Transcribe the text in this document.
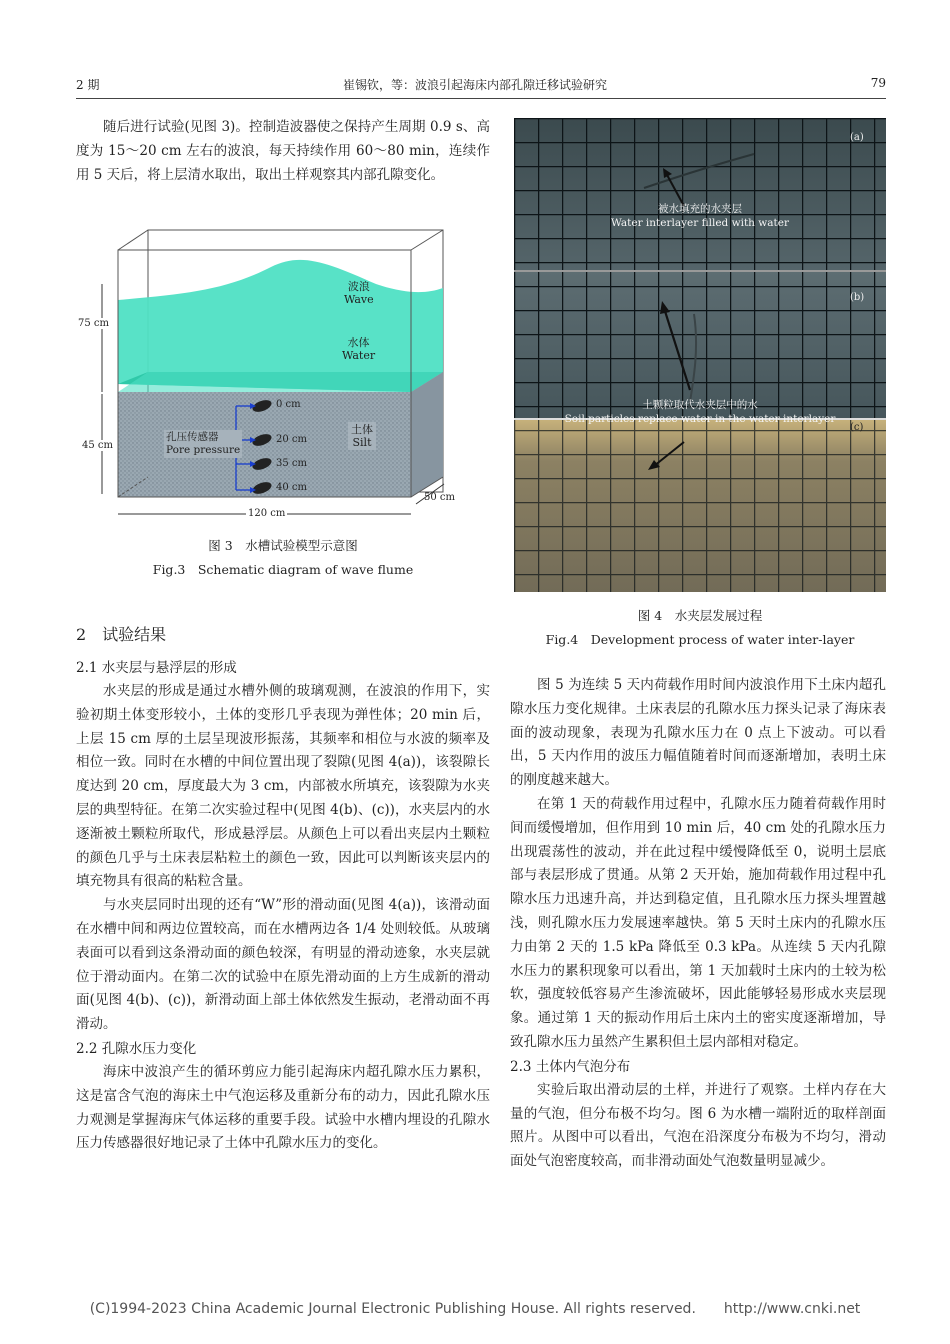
2 期	崔锡钦，等：波浪引起海床内部孔隙迁移试验研究	79

随后进行试验(见图 3)。控制造波器使之保持产生周期 0.9 s、高度为 15～20 cm 左右的波浪，每天持续作用 60～80 min，连续作用 5 天后，将上层清水取出，取出土样观察其内部孔隙变化。

波浪
Wave
水体
Water
土体
Silt
孔压传感器
Pore pressure
0 cm
20 cm
35 cm
40 cm
75 cm
45 cm
120 cm
50 cm
图 3　水槽试验模型示意图
Fig.3　Schematic diagram of wave flume
2　试验结果
2.1 水夹层与悬浮层的形成

水夹层的形成是通过水槽外侧的玻璃观测，在波浪的作用下，实验初期土体变形较小，土体的变形几乎表现为弹性体；20 min 后，上层 15 cm 厚的土层呈现波形振荡，其频率和相位与水波的频率及相位一致。同时在水槽的中间位置出现了裂隙(见图 4(a))，该裂隙长度达到 20 cm，厚度最大为 3 cm，内部被水所填充，该裂隙为水夹层的典型特征。在第二次实验过程中(见图 4(b)、(c))，水夹层内的水逐渐被土颗粒所取代，形成悬浮层。从颜色上可以看出夹层内土颗粒的颜色几乎与土床表层粘粒土的颜色一致，因此可以判断该夹层内的填充物具有很高的粘粒含量。

与水夹层同时出现的还有“W”形的滑动面(见图 4(a))，该滑动面在水槽中间和两边位置较高，而在水槽两边各 1/4 处则较低。从玻璃表面可以看到这条滑动面的颜色较深，有明显的滑动迹象，水夹层就位于滑动面内。在第二次的试验中在原先滑动面的上方生成新的滑动面(见图 4(b)、(c))，新滑动面上部土体依然发生振动，老滑动面不再滑动。

2.2 孔隙水压力变化

海床中波浪产生的循环剪应力能引起海床内超孔隙水压力累积，这是富含气泡的海床土中气泡运移及重新分布的动力，因此孔隙水压力观测是掌握海床气体运移的重要手段。试验中水槽内埋设的孔隙水压力传感器很好地记录了土体中孔隙水压力的变化。

(a)
(b)
(c)
被水填充的水夹层
Water interlayer filled with water
土颗粒取代水夹层中的水
Soil particles replace water in the water interlayer
图 4　水夹层发展过程
Fig.4　Development process of water inter-layer

图 5 为连续 5 天内荷载作用时间内波浪作用下土床内超孔隙水压力变化规律。土床表层的孔隙水压力探头记录了海床表面的波动现象，表现为孔隙水压力在 0 点上下波动。可以看出，5 天内作用的波压力幅值随着时间而逐渐增加，表明土床的刚度越来越大。

在第 1 天的荷载作用过程中，孔隙水压力随着荷载作用时间而缓慢增加，但作用到 10 min 后，40 cm 处的孔隙水压力出现震荡性的波动，并在此过程中缓慢降低至 0，说明土层底部与表层形成了贯通。从第 2 天开始，施加荷载作用过程中孔隙水压力迅速升高，并达到稳定值，且孔隙水压力探头埋置越浅，则孔隙水压力发展速率越快。第 5 天时土床内的孔隙水压力由第 2 天的 1.5 kPa 降低至 0.3 kPa。从连续 5 天内孔隙水压力的累积现象可以看出，第 1 天加载时土床内的土较为松软，强度较低容易产生渗流破坏，因此能够轻易形成水夹层现象。通过第 1 天的振动作用后土床内土的密实度逐渐增加，导致孔隙水压力虽然产生累积但土层内部相对稳定。

2.3 土体内气泡分布

实验后取出滑动层的土样，并进行了观察。土样内存在大量的气泡，但分布极不均匀。图 6 为水槽一端附近的取样剖面照片。从图中可以看出，气泡在沿深度分布极为不均匀，滑动面处气泡密度较高，而非滑动面处气泡数量明显减少。

(C)1994-2023 China Academic Journal Electronic Publishing House. All rights reserved.　　http://www.cnki.net
